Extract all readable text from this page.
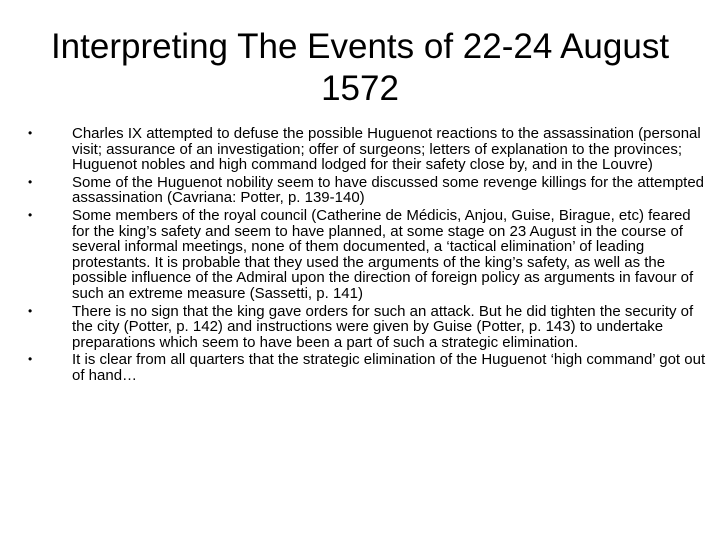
Interpreting The Events of 22-24 August 1572
•	Charles IX attempted to defuse the possible Huguenot reactions to the assassination (personal visit; assurance of an investigation; offer of surgeons; letters of explanation to the provinces; Huguenot nobles and high command lodged for their safety close by, and in the Louvre)
•	Some of the Huguenot nobility seem to have discussed some revenge killings for the attempted assassination (Cavriana: Potter, p. 139-140)
•	Some members of the royal council (Catherine de Médicis, Anjou, Guise, Birague, etc) feared for the king’s safety and seem to have planned, at some stage on 23 August in the course of several informal meetings, none of them documented, a ‘tactical elimination’ of leading protestants. It is probable that they used the arguments of the king’s safety, as well as the possible influence of the Admiral upon the direction of foreign policy as arguments in favour of such an extreme measure (Sassetti, p. 141)
•	There is no sign that the king gave orders for such an attack. But he did tighten the security of the city (Potter, p. 142) and instructions were given by Guise (Potter, p. 143) to undertake preparations which seem to have been a part of such a strategic elimination.
•	It is clear from all quarters that the strategic elimination of the Huguenot ‘high command’ got out of hand…
